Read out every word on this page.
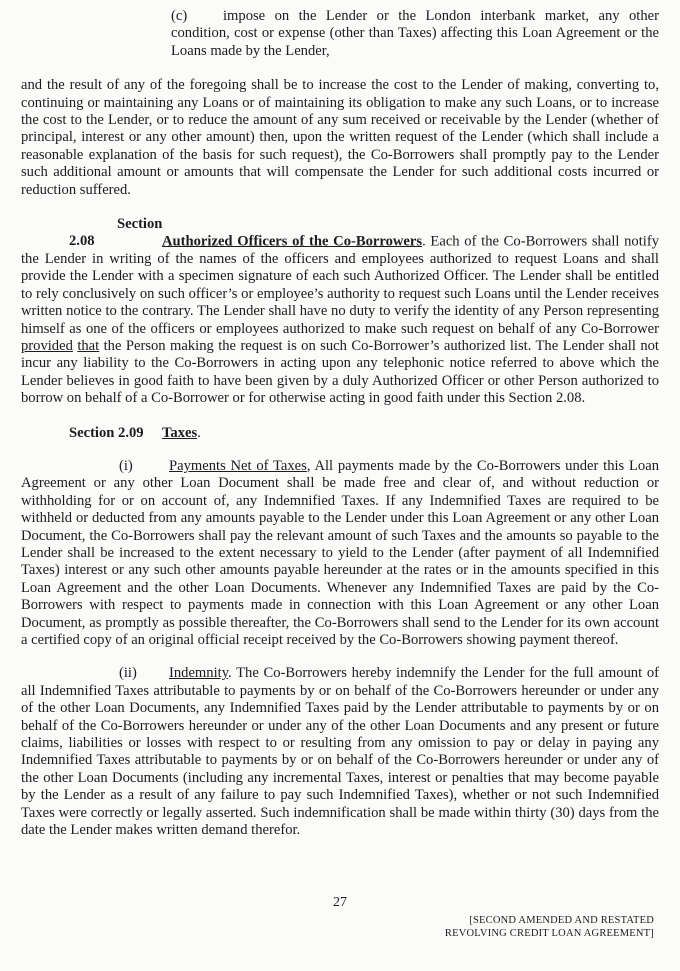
(c) impose on the Lender or the London interbank market, any other condition, cost or expense (other than Taxes) affecting this Loan Agreement or the Loans made by the Lender,

and the result of any of the foregoing shall be to increase the cost to the Lender of making, converting to, continuing or maintaining any Loans or of maintaining its obligation to make any such Loans, or to increase the cost to the Lender, or to reduce the amount of any sum received or receivable by the Lender (whether of principal, interest or any other amount) then, upon the written request of the Lender (which shall include a reasonable explanation of the basis for such request), the Co-Borrowers shall promptly pay to the Lender such additional amount or amounts that will compensate the Lender for such additional costs incurred or reduction suffered.

Section 2.08	Authorized Officers of the Co-Borrowers. Each of the Co-Borrowers shall notify the Lender in writing of the names of the officers and employees authorized to request Loans and shall provide the Lender with a specimen signature of each such Authorized Officer. The Lender shall be entitled to rely conclusively on such officer’s or employee’s authority to request such Loans until the Lender receives written notice to the contrary. The Lender shall have no duty to verify the identity of any Person representing himself as one of the officers or employees authorized to make such request on behalf of any Co-Borrower provided that the Person making the request is on such Co-Borrower’s authorized list. The Lender shall not incur any liability to the Co-Borrowers in acting upon any telephonic notice referred to above which the Lender believes in good faith to have been given by a duly Authorized Officer or other Person authorized to borrow on behalf of a Co-Borrower or for otherwise acting in good faith under this Section 2.08.

Section 2.09 Taxes.

(i) Payments Net of Taxes, All payments made by the Co-Borrowers under this Loan Agreement or any other Loan Document shall be made free and clear of, and without reduction or withholding for or on account of, any Indemnified Taxes. If any Indemnified Taxes are required to be withheld or deducted from any amounts payable to the Lender under this Loan Agreement or any other Loan Document, the Co-Borrowers shall pay the relevant amount of such Taxes and the amounts so payable to the Lender shall be increased to the extent necessary to yield to the Lender (after payment of all Indemnified Taxes) interest or any such other amounts payable hereunder at the rates or in the amounts specified in this Loan Agreement and the other Loan Documents. Whenever any Indemnified Taxes are paid by the Co-Borrowers with respect to payments made in connection with this Loan Agreement or any other Loan Document, as promptly as possible thereafter, the Co-Borrowers shall send to the Lender for its own account a certified copy of an original official receipt received by the Co-Borrowers showing payment thereof.

(ii) Indemnity. The Co-Borrowers hereby indemnify the Lender for the full amount of all Indemnified Taxes attributable to payments by or on behalf of the Co-Borrowers hereunder or under any of the other Loan Documents, any Indemnified Taxes paid by the Lender attributable to payments by or on behalf of the Co-Borrowers hereunder or under any of the other Loan Documents and any present or future claims, liabilities or losses with respect to or resulting from any omission to pay or delay in paying any Indemnified Taxes attributable to payments by or on behalf of the Co-Borrowers hereunder or under any of the other Loan Documents (including any incremental Taxes, interest or penalties that may become payable by the Lender as a result of any failure to pay such Indemnified Taxes), whether or not such Indemnified Taxes were correctly or legally asserted. Such indemnification shall be made within thirty (30) days from the date the Lender makes written demand therefor.

27
[SECOND AMENDED AND RESTATED
REVOLVING CREDIT LOAN AGREEMENT]
